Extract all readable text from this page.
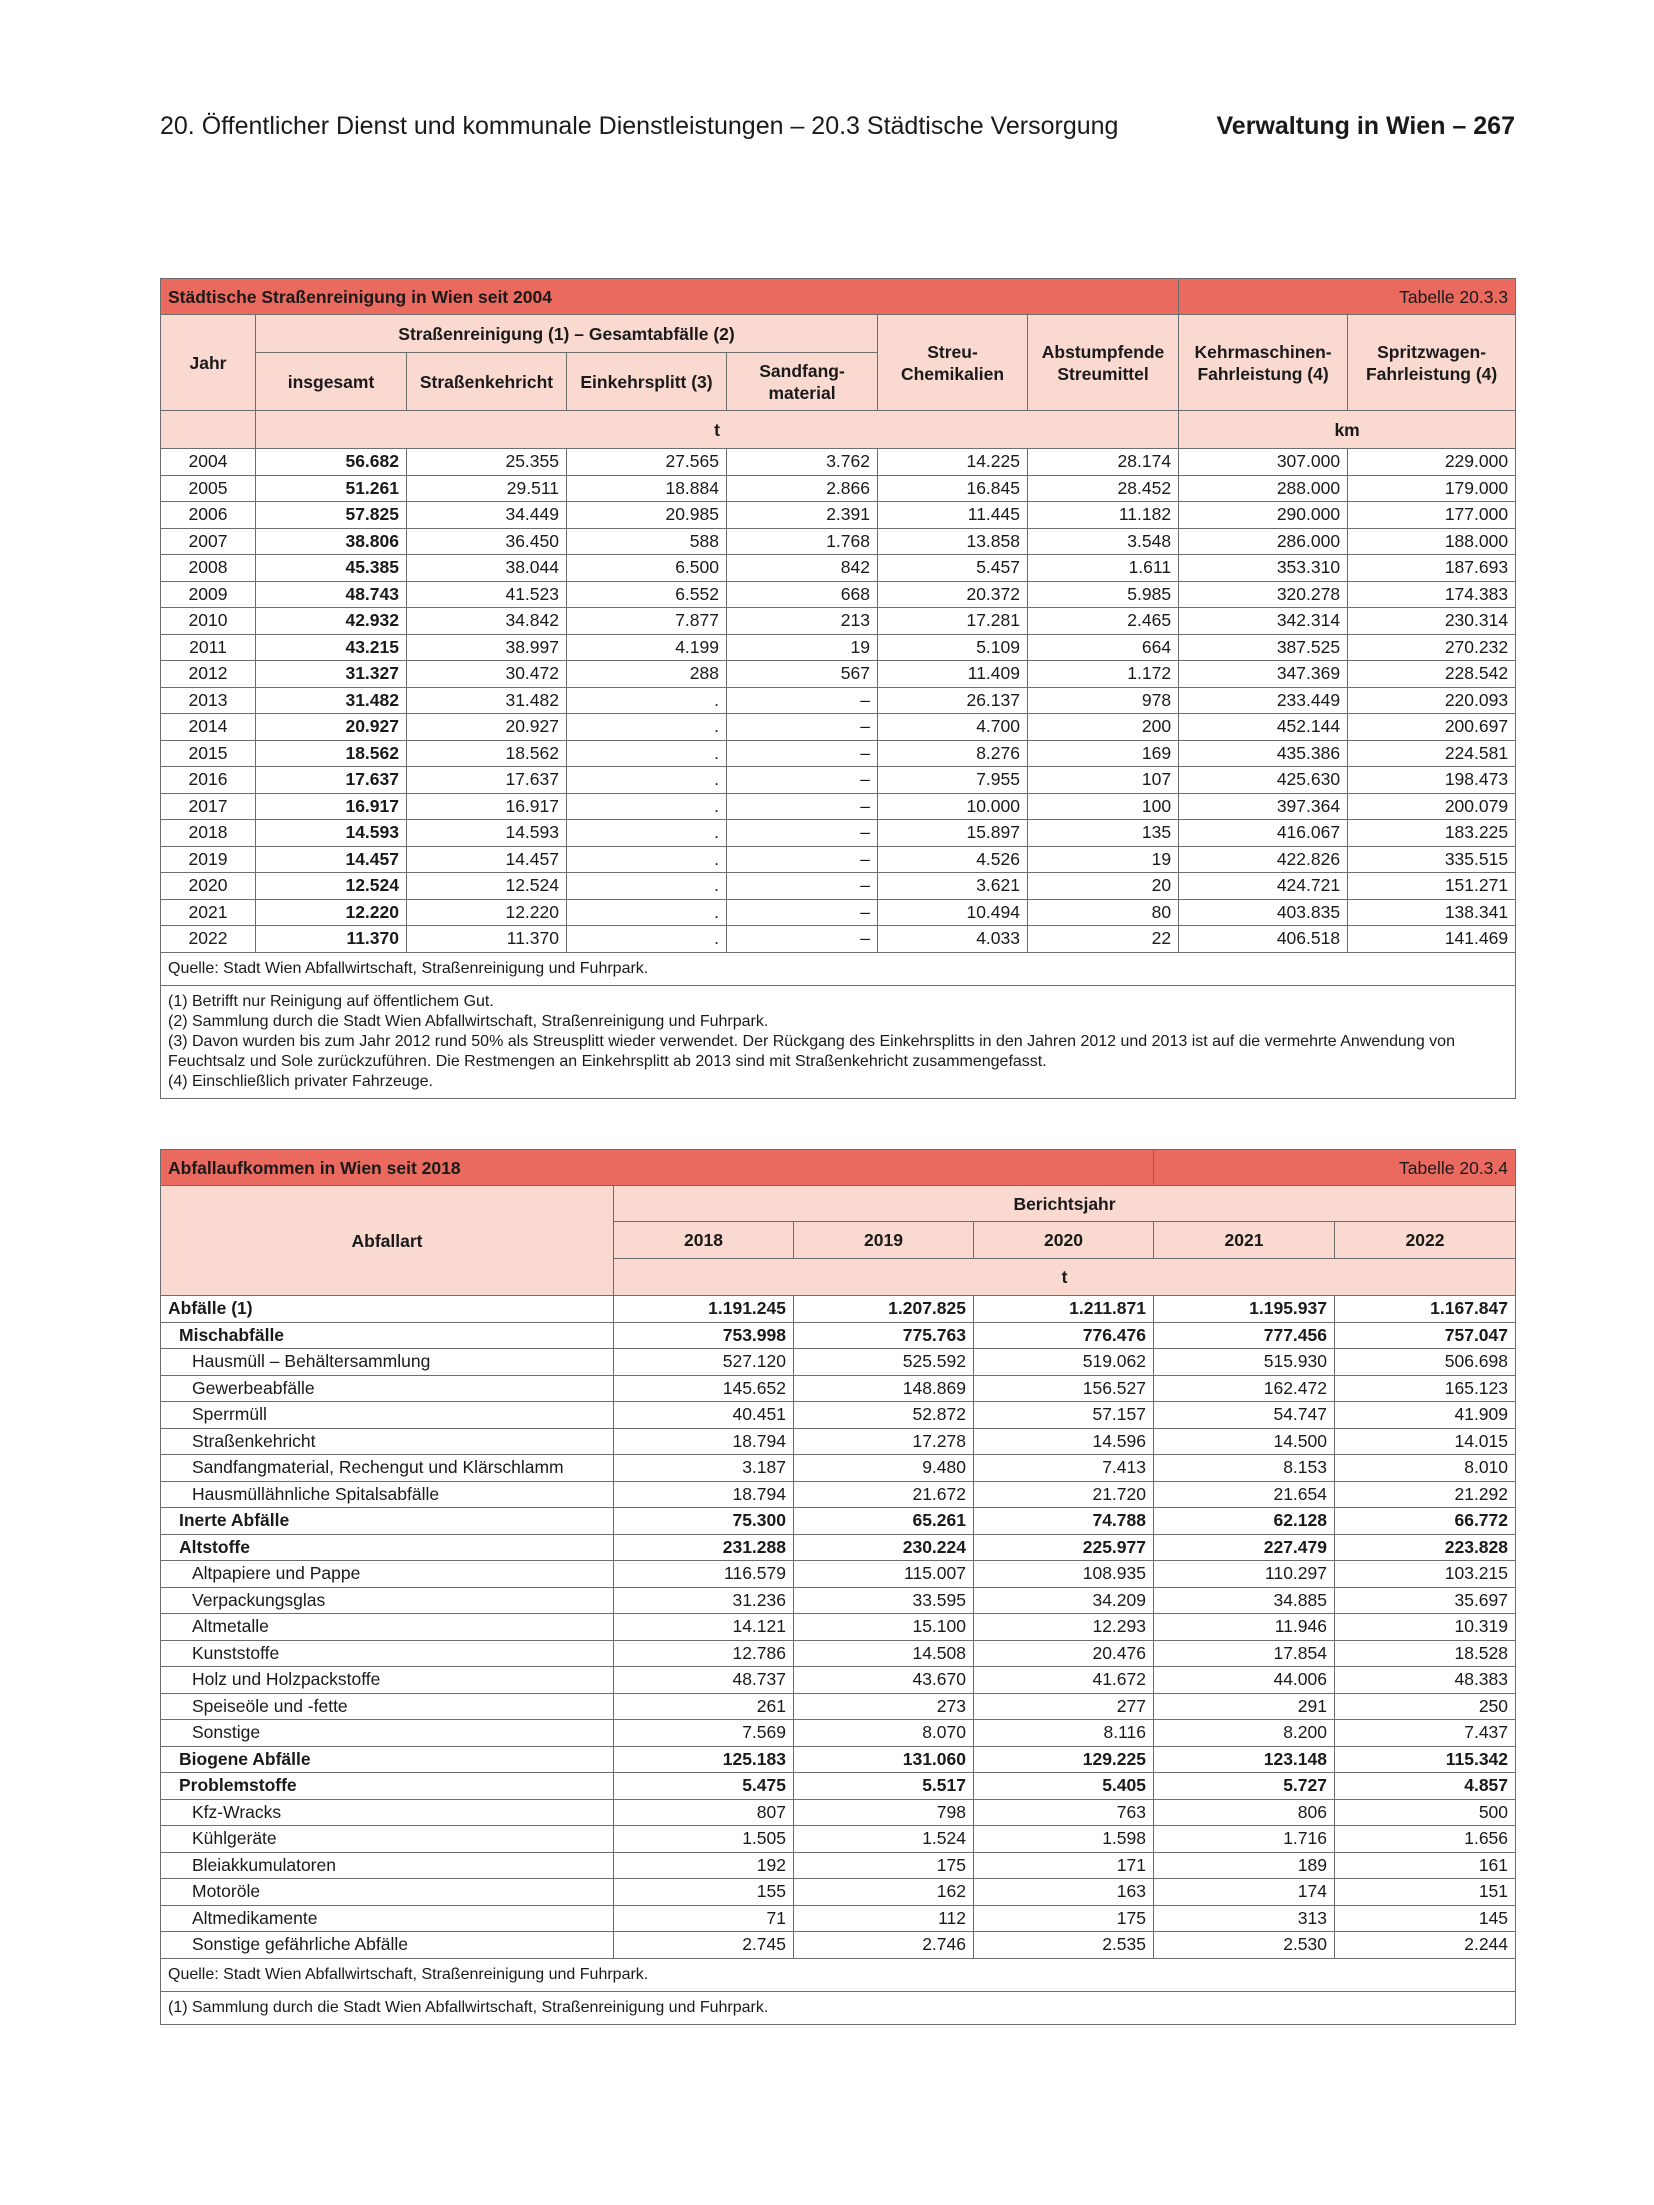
20. Öffentlicher Dienst und kommunale Dienstleistungen – 20.3 Städtische Versorgung	Verwaltung in Wien – 267
Städtische Straßenreinigung in Wien seit 2004							Tabelle 20.3.3	
Jahr	Straßenreinigung (1) – Gesamtabfälle (2)				Streu-Chemikalien	Abstumpfende Streumittel	Kehrmaschinen-Fahrleistung (4)	Spritzwagen-Fahrleistung (4)
	insgesamt	Straßenkehricht	Einkehrsplitt (3)	Sandfang-material				
	t						km	
2004	56.682	25.355	27.565	3.762	14.225	28.174	307.000	229.000
2005	51.261	29.511	18.884	2.866	16.845	28.452	288.000	179.000
2006	57.825	34.449	20.985	2.391	11.445	11.182	290.000	177.000
2007	38.806	36.450	588	1.768	13.858	3.548	286.000	188.000
2008	45.385	38.044	6.500	842	5.457	1.611	353.310	187.693
2009	48.743	41.523	6.552	668	20.372	5.985	320.278	174.383
2010	42.932	34.842	7.877	213	17.281	2.465	342.314	230.314
2011	43.215	38.997	4.199	19	5.109	664	387.525	270.232
2012	31.327	30.472	288	567	11.409	1.172	347.369	228.542
2013	31.482	31.482	.	–	26.137	978	233.449	220.093
2014	20.927	20.927	.	–	4.700	200	452.144	200.697
2015	18.562	18.562	.	–	8.276	169	435.386	224.581
2016	17.637	17.637	.	–	7.955	107	425.630	198.473
2017	16.917	16.917	.	–	10.000	100	397.364	200.079
2018	14.593	14.593	.	–	15.897	135	416.067	183.225
2019	14.457	14.457	.	–	4.526	19	422.826	335.515
2020	12.524	12.524	.	–	3.621	20	424.721	151.271
2021	12.220	12.220	.	–	10.494	80	403.835	138.341
2022	11.370	11.370	.	–	4.033	22	406.518	141.469
Quelle: Stadt Wien Abfallwirtschaft, Straßenreinigung und Fuhrpark.								

(1) Betrifft nur Reinigung auf öffentlichem Gut.
(2) Sammlung durch die Stadt Wien Abfallwirtschaft, Straßenreinigung und Fuhrpark.
(3) Davon wurden bis zum Jahr 2012 rund 50% als Streusplitt wieder verwendet. Der Rückgang des Einkehrsplitts in den Jahren 2012 und 2013 ist auf die vermehrte Anwendung von Feuchtsalz und Sole zurückzuführen. Die Restmengen an Einkehrsplitt ab 2013 sind mit Straßenkehricht zusammengefasst.
(4) Einschließlich privater Fahrzeuge.								
Abfallaufkommen in Wien seit 2018				Tabelle 20.3.4	
Abfallart	Berichtsjahr				
	2018	2019	2020	2021	2022
	t				
Abfälle (1)	1.191.245	1.207.825	1.211.871	1.195.937	1.167.847
Mischabfälle	753.998	775.763	776.476	777.456	757.047
Hausmüll – Behältersammlung	527.120	525.592	519.062	515.930	506.698
Gewerbeabfälle	145.652	148.869	156.527	162.472	165.123
Sperrmüll	40.451	52.872	57.157	54.747	41.909
Straßenkehricht	18.794	17.278	14.596	14.500	14.015
Sandfangmaterial, Rechengut und Klärschlamm	3.187	9.480	7.413	8.153	8.010
Hausmüllähnliche Spitalsabfälle	18.794	21.672	21.720	21.654	21.292
Inerte Abfälle	75.300	65.261	74.788	62.128	66.772
Altstoffe	231.288	230.224	225.977	227.479	223.828
Altpapiere und Pappe	116.579	115.007	108.935	110.297	103.215
Verpackungsglas	31.236	33.595	34.209	34.885	35.697
Altmetalle	14.121	15.100	12.293	11.946	10.319
Kunststoffe	12.786	14.508	20.476	17.854	18.528
Holz und Holzpackstoffe	48.737	43.670	41.672	44.006	48.383
Speiseöle und -fette	261	273	277	291	250
Sonstige	7.569	8.070	8.116	8.200	7.437
Biogene Abfälle	125.183	131.060	129.225	123.148	115.342
Problemstoffe	5.475	5.517	5.405	5.727	4.857
Kfz-Wracks	807	798	763	806	500
Kühlgeräte	1.505	1.524	1.598	1.716	1.656
Bleiakkumulatoren	192	175	171	189	161
Motoröle	155	162	163	174	151
Altmedikamente	71	112	175	313	145
Sonstige gefährliche Abfälle	2.745	2.746	2.535	2.530	2.244
Quelle: Stadt Wien Abfallwirtschaft, Straßenreinigung und Fuhrpark.					
(1) Sammlung durch die Stadt Wien Abfallwirtschaft, Straßenreinigung und Fuhrpark.					
